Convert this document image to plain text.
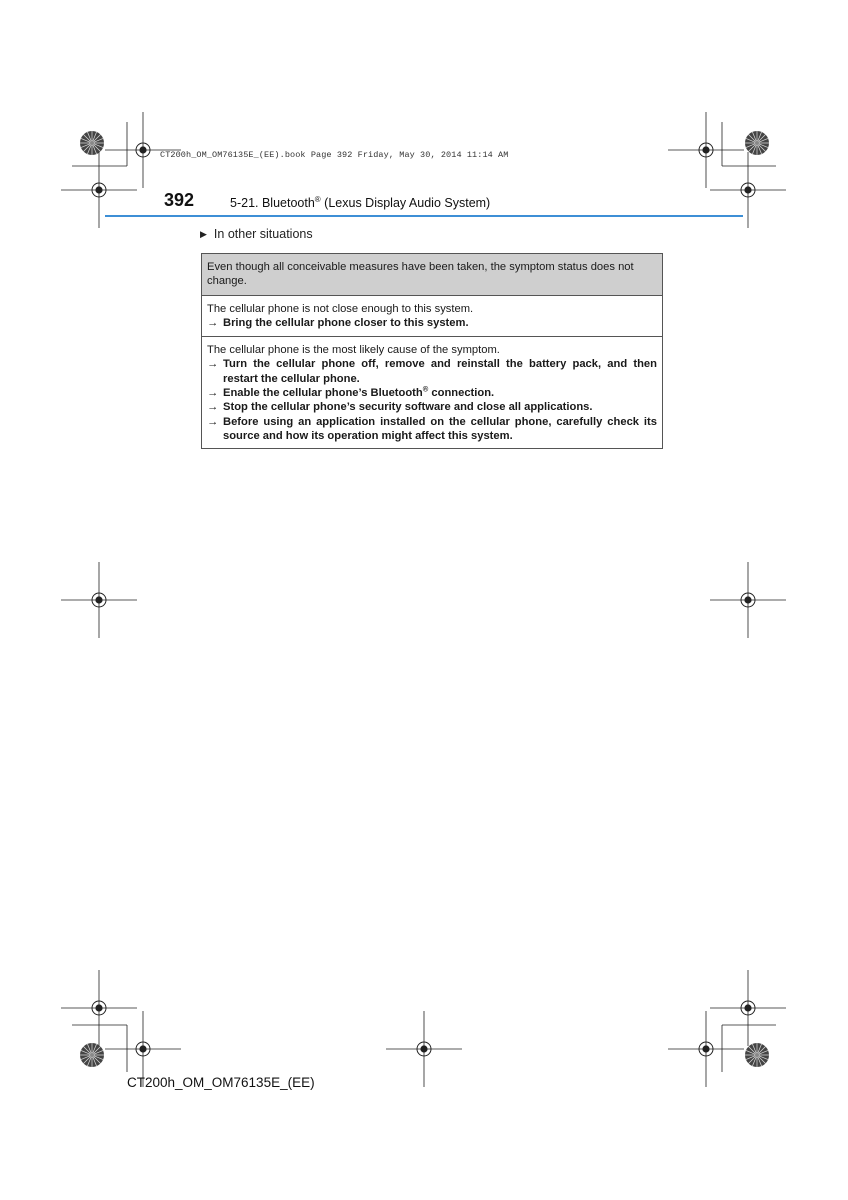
CT200h_OM_OM76135E_(EE).book Page 392 Friday, May 30, 2014 11:14 AM
392	5-21. Bluetooth® (Lexus Display Audio System)
▶ In other situations
Even though all conceivable measures have been taken, the symptom status does not change.
The cellular phone is not close enough to this system.
→ Bring the cellular phone closer to this system.
The cellular phone is the most likely cause of the symptom.
→ Turn the cellular phone off, remove and reinstall the battery pack, and then restart the cellular phone.
→ Enable the cellular phone’s Bluetooth® connection.
→ Stop the cellular phone’s security software and close all applications.
→ Before using an application installed on the cellular phone, carefully check its source and how its operation might affect this system.
CT200h_OM_OM76135E_(EE)
